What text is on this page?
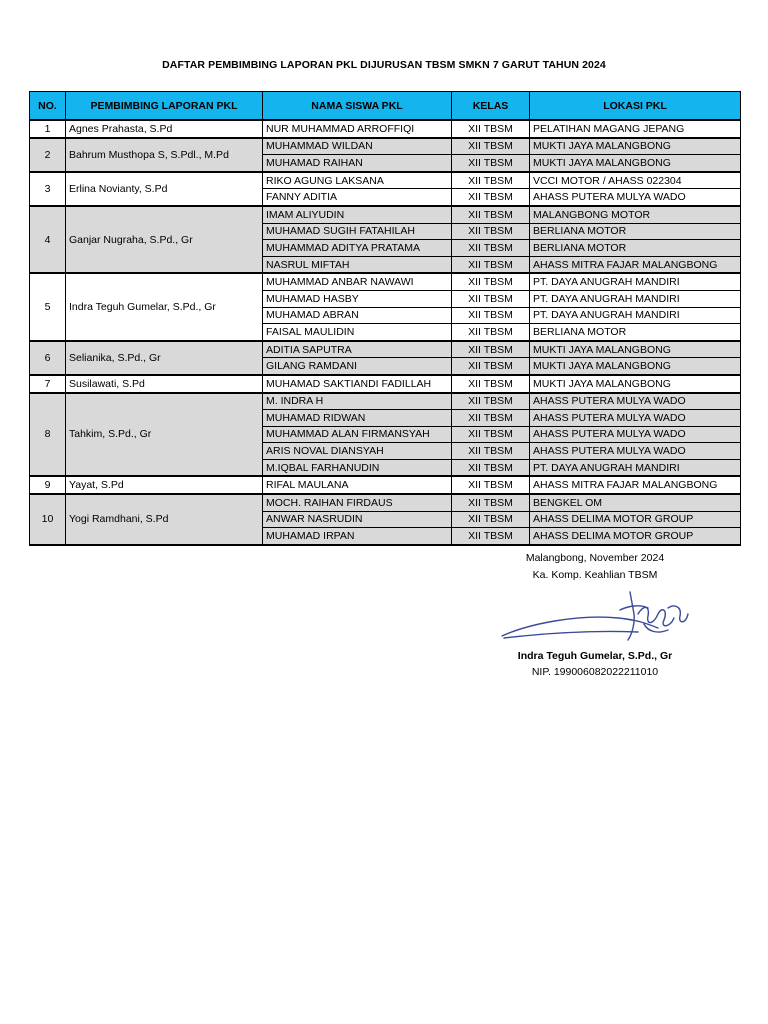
DAFTAR PEMBIMBING LAPORAN PKL DIJURUSAN TBSM SMKN 7 GARUT TAHUN 2024
NO.	PEMBIMBING LAPORAN PKL	NAMA SISWA PKL	KELAS	LOKASI PKL
1	Agnes Prahasta, S.Pd	NUR MUHAMMAD ARROFFIQI	XII TBSM	PELATIHAN MAGANG JEPANG
2	Bahrum Musthopa S, S.Pdl., M.Pd	MUHAMMAD WILDAN	XII TBSM	MUKTI JAYA MALANGBONG
		MUHAMAD RAIHAN	XII TBSM	MUKTI JAYA MALANGBONG
3	Erlina Novianty, S.Pd	RIKO AGUNG LAKSANA	XII TBSM	VCCI MOTOR / AHASS 022304
		FANNY ADITIA	XII TBSM	AHASS PUTERA MULYA WADO
4	Ganjar Nugraha, S.Pd., Gr	IMAM ALIYUDIN	XII TBSM	MALANGBONG MOTOR
		MUHAMAD SUGIH FATAHILAH	XII TBSM	BERLIANA MOTOR
		MUHAMMAD ADITYA PRATAMA	XII TBSM	BERLIANA MOTOR
		NASRUL MIFTAH	XII TBSM	AHASS MITRA FAJAR MALANGBONG
5	Indra Teguh Gumelar, S.Pd., Gr	MUHAMMAD ANBAR NAWAWI	XII TBSM	PT. DAYA ANUGRAH MANDIRI
		MUHAMAD HASBY	XII TBSM	PT. DAYA ANUGRAH MANDIRI
		MUHAMAD ABRAN	XII TBSM	PT. DAYA ANUGRAH MANDIRI
		FAISAL MAULIDIN	XII TBSM	BERLIANA MOTOR
6	Selianika, S.Pd., Gr	ADITIA SAPUTRA	XII TBSM	MUKTI JAYA MALANGBONG
		GILANG RAMDANI	XII TBSM	MUKTI JAYA MALANGBONG
7	Susilawati, S.Pd	MUHAMAD SAKTIANDI FADILLAH	XII TBSM	MUKTI JAYA MALANGBONG
8	Tahkim, S.Pd., Gr	M. INDRA H	XII TBSM	AHASS PUTERA MULYA WADO
		MUHAMAD RIDWAN	XII TBSM	AHASS PUTERA MULYA WADO
		MUHAMMAD ALAN FIRMANSYAH	XII TBSM	AHASS PUTERA MULYA WADO
		ARIS NOVAL DIANSYAH	XII TBSM	AHASS PUTERA MULYA WADO
		M.IQBAL FARHANUDIN	XII TBSM	PT. DAYA ANUGRAH MANDIRI
9	Yayat, S.Pd	RIFAL MAULANA	XII TBSM	AHASS MITRA FAJAR MALANGBONG
10	Yogi Ramdhani, S.Pd	MOCH. RAIHAN FIRDAUS	XII TBSM	BENGKEL OM
		ANWAR NASRUDIN	XII TBSM	AHASS DELIMA MOTOR GROUP
		MUHAMAD IRPAN	XII TBSM	AHASS DELIMA MOTOR GROUP
Malangbong, November 2024
Ka. Komp. Keahlian TBSM
Indra Teguh Gumelar, S.Pd., Gr
NIP. 199006082022211010
